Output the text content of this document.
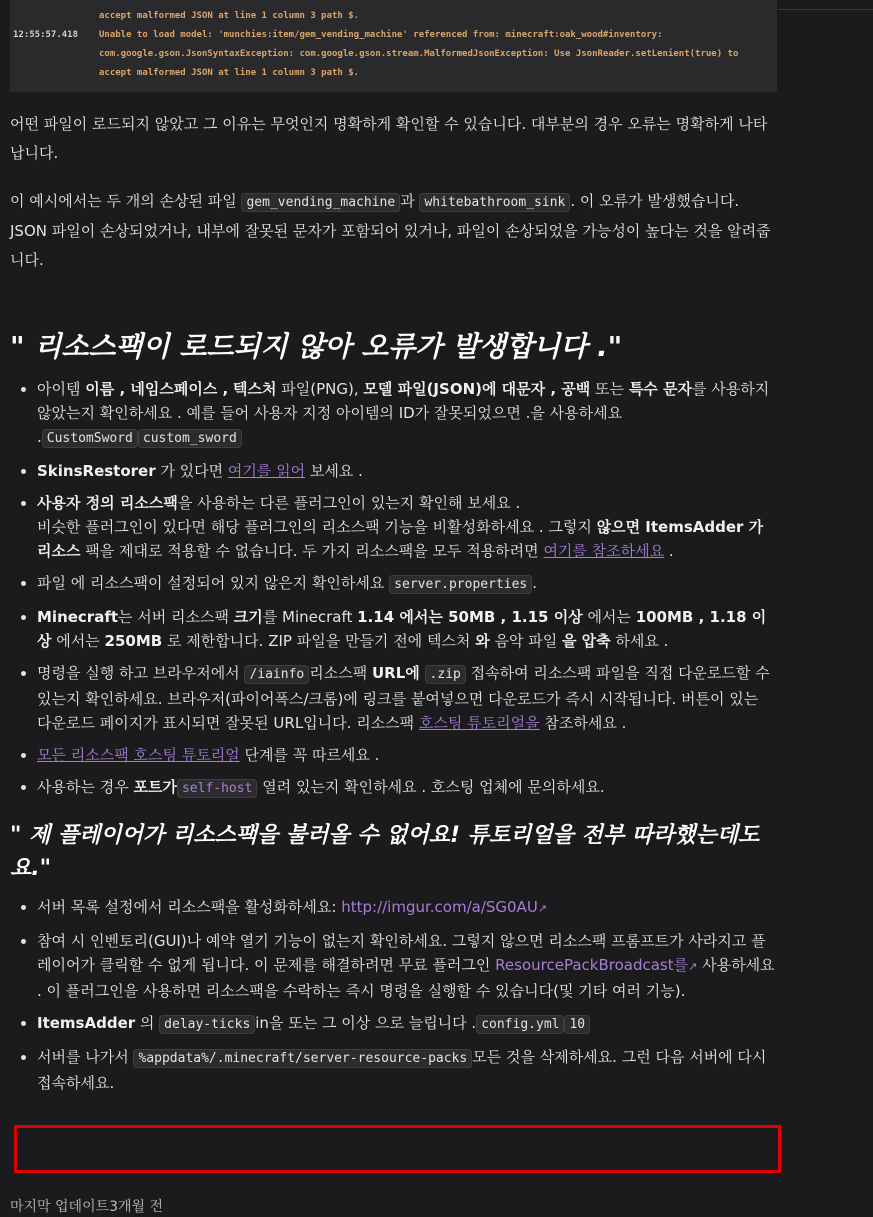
accept malformed JSON at line 1 column 3 path $.
12:55:57.418 Unable to load model: 'munchies:item/gem_vending_machine' referenced from: minecraft:oak_wood#inventory:
com.google.gson.JsonSyntaxException: com.google.gson.stream.MalformedJsonException: Use JsonReader.setLenient(true) to
accept malformed JSON at line 1 column 3 path $.

어떤 파일이 로드되지 않았고 그 이유는 무엇인지 명확하게 확인할 수 있습니다. 대부분의 경우 오류는 명확하게 나타납니다.

이 예시에서는 두 개의 손상된 파일 gem_vending_machine 과 whitebathroom_sink . 이 오류가 발생했습니다. JSON 파일이 손상되었거나, 내부에 잘못된 문자가 포함되어 있거나, 파일이 손상되었을 가능성이 높다는 것을 알려줍니다.

" 리소스팩이 로드되지 않아 오류가 발생합니다 ."
• 아이템 이름 , 네임스페이스 , 텍스처 파일(PNG), 모델 파일(JSON)에 대문자 , 공백 또는 특수 문자를 사용하지 않았는지 확인하세요 . 예를 들어 사용자 지정 아이템의 ID가 잘못되었으면 .을 사용하세요 . CustomSword custom_sword
• SkinsRestorer 가 있다면 여기를 읽어 보세요 .
• 사용자 정의 리소스팩을 사용하는 다른 플러그인이 있는지 확인해 보세요 .
비슷한 플러그인이 있다면 해당 플러그인의 리소스팩 기능을 비활성화하세요 . 그렇지 않으면 ItemsAdder 가 리소스 팩을 제대로 적용할 수 없습니다. 두 가지 리소스팩을 모두 적용하려면 여기를 참조하세요 .
• 파일 에 리소스팩이 설정되어 있지 않은지 확인하세요 server.properties .
• Minecraft는 서버 리소스팩 크기를 Minecraft 1.14 에서는 50MB , 1.15 이상 에서는 100MB , 1.18 이상 에서는 250MB 로 제한합니다. ZIP 파일을 만들기 전에 텍스처 와 음악 파일 을 압축 하세요 .
• 명령을 실행 하고 브라우저에서 /iainfo 리소스팩 URL에 .zip 접속하여 리소스팩 파일을 직접 다운로드할 수 있는지 확인하세요. 브라우저(파이어폭스/크롬)에 링크를 붙여넣으면 다운로드가 즉시 시작됩니다. 버튼이 있는 다운로드 페이지가 표시되면 잘못된 URL입니다. 리소스팩 호스팅 튜토리얼을 참조하세요 .
• 모든 리소스팩 호스팅 튜토리얼 단계를 꼭 따르세요 .
• 사용하는 경우 포트가 self-host 열려 있는지 확인하세요 . 호스팅 업체에 문의하세요.
" 제 플레이어가 리소스팩을 불러올 수 없어요! 튜토리얼을 전부 따라했는데도요."
• 서버 목록 설정에서 리소스팩을 활성화하세요: http://imgur.com/a/SG0AU↗
• 참여 시 인벤토리(GUI)나 예약 열기 기능이 없는지 확인하세요. 그렇지 않으면 리소스팩 프롬프트가 사라지고 플레이어가 클릭할 수 없게 됩니다. 이 문제를 해결하려면 무료 플러그인 ResourcePackBroadcast를↗ 사용하세요 . 이 플러그인을 사용하면 리소스팩을 수락하는 즉시 명령을 실행할 수 있습니다(및 기타 여러 기능).
• ItemsAdder 의 delay-ticks in을 또는 그 이상 으로 늘립니다 . config.yml 10
• 서버를 나가서 %appdata%/.minecraft/server-resource-packs 모든 것을 삭제하세요. 그런 다음 서버에 다시 접속하세요.
마지막 업데이트3개월 전
